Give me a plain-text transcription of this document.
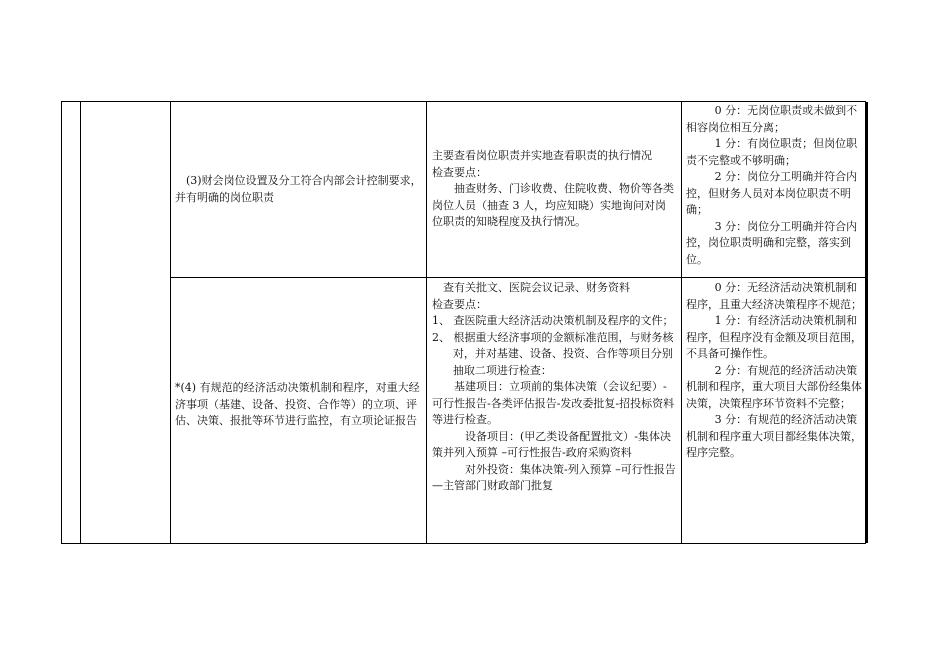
(3)财会岗位设置及分工符合内部会计控制要求，并有明确的岗位职责

主要查看岗位职责并实地查看职责的执行情况

检查要点：

抽查财务、门诊收费、住院收费、物价等各类岗位人员（抽查 3 人，均应知晓）实地询问对岗位职责的知晓程度及执行情况。

0 分：无岗位职责或未做到不相容岗位相互分离；

1 分：有岗位职责；但岗位职责不完整或不够明确；

2 分：岗位分工明确并符合内控，但财务人员对本岗位职责不明确；

3 分：岗位分工明确并符合内控，岗位职责明确和完整，落实到位。

*(4) 有规范的经济活动决策机制和程序，对重大经济事项（基建、设备、投资、合作等）的立项、评估、决策、报批等环节进行监控，有立项论证报告

查有关批文、医院会议记录、财务资料

检查要点：

1、 查医院重大经济活动决策机制及程序的文件；

2、 根据重大经济事项的金额标准范围，与财务核对，并对基建、设备、投资、合作等项目分别抽取二项进行检查：

基建项目：立项前的集体决策（会议纪要）-可行性报告-各类评估报告-发改委批复-招投标资料等进行检查。

设备项目：(甲乙类设备配置批文）-集体决策并列入预算 –可行性报告-政府采购资料

对外投资：集体决策-列入预算 –可行性报告—主管部门财政部门批复

0 分：无经济活动决策机制和程序，且重大经济决策程序不规范；

1 分：有经济活动决策机制和程序，但程序没有金额及项目范围，不具备可操作性。

2 分：有规范的经济活动决策机制和程序，重大项目大部份经集体决策，决策程序环节资料不完整；

3 分：有规范的经济活动决策机制和程序重大项目都经集体决策，程序完整。
